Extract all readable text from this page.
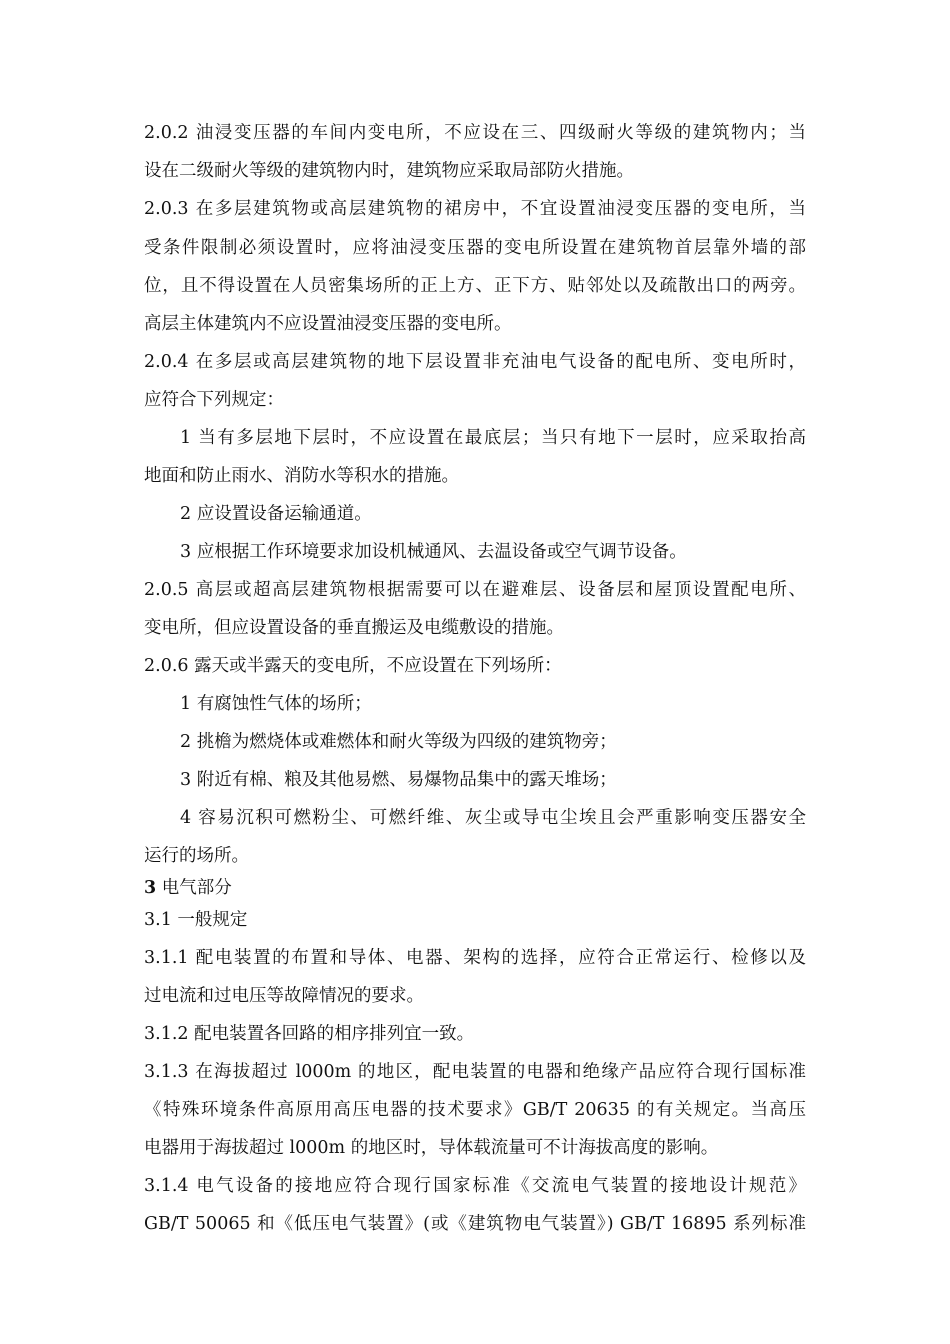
2.0.2 油浸变压器的车间内变电所，不应设在三、四级耐火等级的建筑物内；当
设在二级耐火等级的建筑物内时，建筑物应采取局部防火措施。
2.0.3 在多层建筑物或高层建筑物的裙房中，不宜设置油浸变压器的变电所，当
受条件限制必须设置时，应将油浸变压器的变电所设置在建筑物首层靠外墙的部
位，且不得设置在人员密集场所的正上方、正下方、贴邻处以及疏散出口的两旁。
高层主体建筑内不应设置油浸变压器的变电所。
2.0.4 在多层或高层建筑物的地下层设置非充油电气设备的配电所、变电所时，
应符合下列规定：
1 当有多层地下层时，不应设置在最底层；当只有地下一层时，应采取抬高
地面和防止雨水、消防水等积水的措施。
2 应设置设备运输通道。
3 应根据工作环境要求加设机械通风、去温设备或空气调节设备。
2.0.5 高层或超高层建筑物根据需要可以在避难层、设备层和屋顶设置配电所、
变电所，但应设置设备的垂直搬运及电缆敷设的措施。
2.0.6 露天或半露天的变电所，不应设置在下列场所：
1 有腐蚀性气体的场所；
2 挑檐为燃烧体或难燃体和耐火等级为四级的建筑物旁；
3 附近有棉、粮及其他易燃、易爆物品集中的露天堆场；
4 容易沉积可燃粉尘、可燃纤维、灰尘或导屯尘埃且会严重影响变压器安全
运行的场所。
3 电气部分
3.1 一般规定
3.1.1 配电装置的布置和导体、电器、架构的选择，应符合正常运行、检修以及
过电流和过电压等故障情况的要求。
3.1.2 配电装置各回路的相序排列宜一致。
3.1.3 在海拔超过 l000m 的地区，配电装置的电器和绝缘产品应符合现行国标准
《特殊环境条件高原用高压电器的技术要求》GB/T 20635 的有关规定。当高压
电器用于海拔超过 l000m 的地区时，导体载流量可不计海拔高度的影响。
3.1.4 电气设备的接地应符合现行国家标准《交流电气装置的接地设计规范》
GB/T 50065 和《低压电气装置》(或《建筑物电气装置》) GB/T 16895 系列标准
